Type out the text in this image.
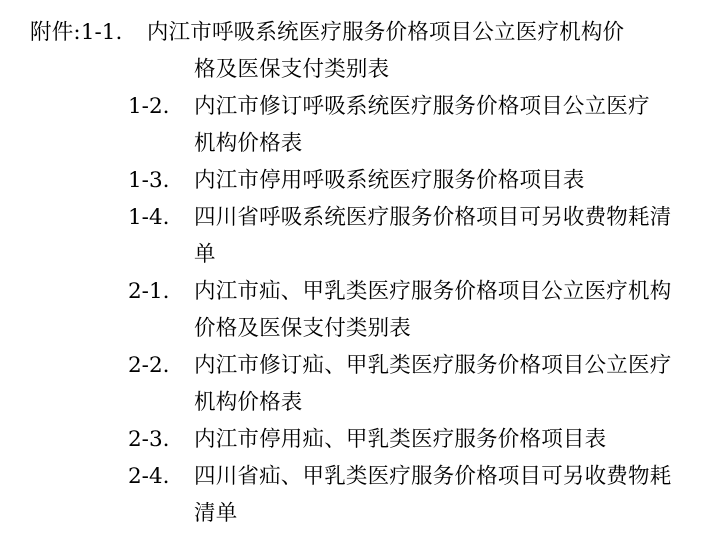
附件: 1-1.	内江市呼吸系统医疗服务价格项目公立医疗机构价
格及医保支付类别表
1-2.	内江市修订呼吸系统医疗服务价格项目公立医疗
机构价格表
1-3.	内江市停用呼吸系统医疗服务价格项目表
1-4.	四川省呼吸系统医疗服务价格项目可另收费物耗清单
2-1.	内江市疝、甲乳类医疗服务价格项目公立医疗机构
价格及医保支付类别表
2-2.	内江市修订疝、甲乳类医疗服务价格项目公立医疗
机构价格表
2-3.	内江市停用疝、甲乳类医疗服务价格项目表
2-4.	四川省疝、甲乳类医疗服务价格项目可另收费物耗
清单
